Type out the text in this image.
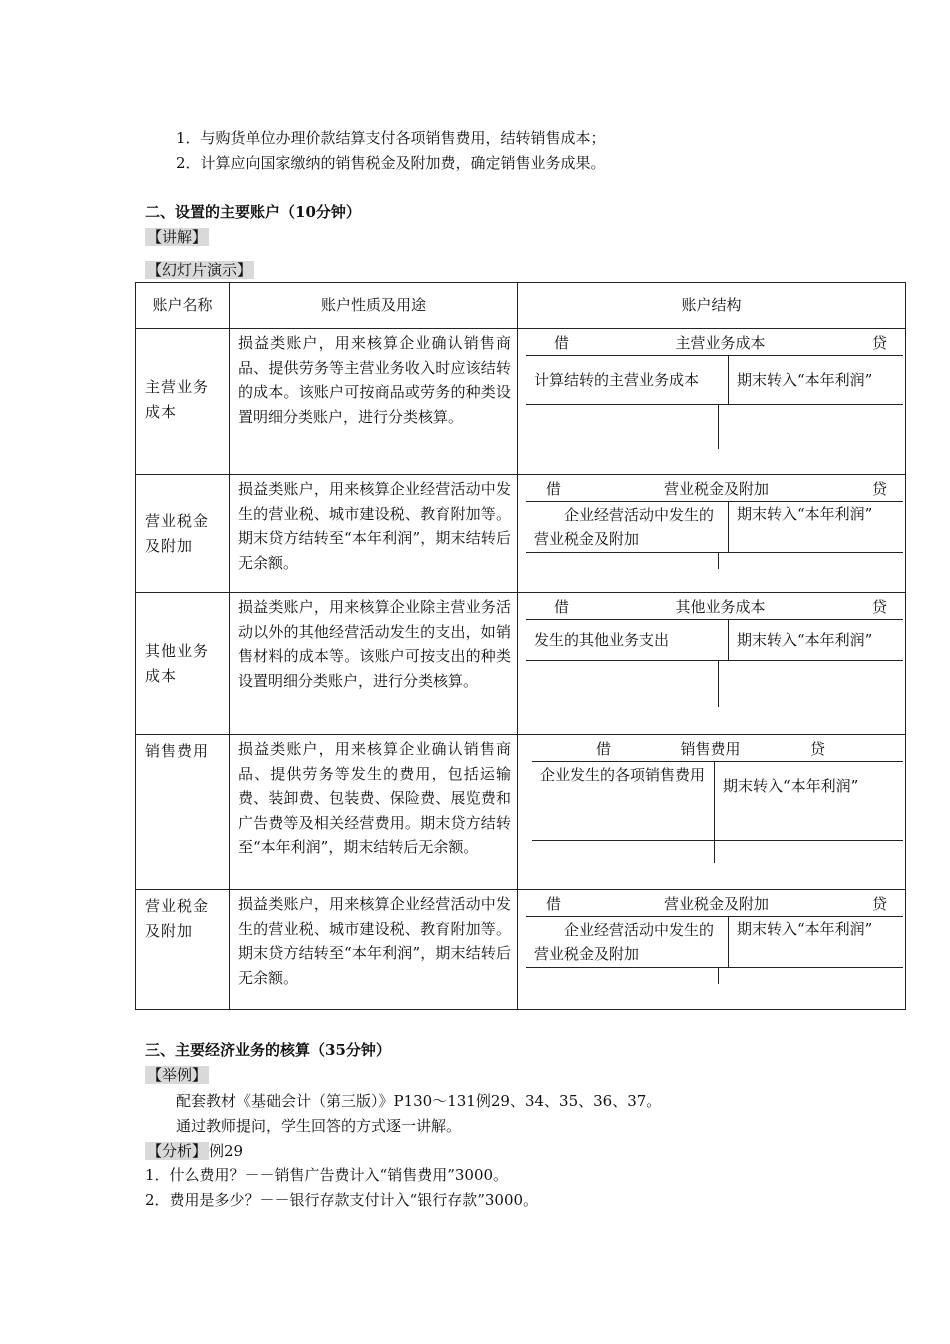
1．与购货单位办理价款结算支付各项销售费用，结转销售成本；
2．计算应向国家缴纳的销售税金及附加费，确定销售业务成果。
二、设置的主要账户（10分钟）
【讲解】
【幻灯片演示】
账户名称	账户性质及用途	账户结构
主营业务成本	损益类账户，用来核算企业确认销售商品、提供劳务等主营业务收入时应该结转的成本。该账户可按商品或劳务的种类设置明细分类账户，进行分类核算。	借 主营业务成本 贷
计算结转的主营业务成本 期末转入“本年利润”

营业税金及附加	损益类账户，用来核算企业经营活动中发生的营业税、城市建设税、教育附加等。期末贷方结转至“本年利润”，期末结转后无余额。	借 营业税金及附加 贷
企业经营活动中发生的营业税金及附加
期末转入“本年利润”

其他业务成本	损益类账户，用来核算企业除主营业务活动以外的其他经营活动发生的支出，如销售材料的成本等。该账户可按支出的种类设置明细分类账户，进行分类核算。	借 其他业务成本 贷
发生的其他业务支出 期末转入“本年利润”

销售费用	损益类账户，用来核算企业确认销售商品、提供劳务等发生的费用，包括运输费、装卸费、包装费、保险费、展览费和广告费等及相关经营费用。期末贷方结转至“本年利润”，期末结转后无余额。	借 销售费用 贷
企业发生的各项销售费用
期末转入“本年利润”

营业税金及附加	损益类账户，用来核算企业经营活动中发生的营业税、城市建设税、教育附加等。期末贷方结转至“本年利润”，期末结转后无余额。	借 营业税金及附加 贷
企业经营活动中发生的营业税金及附加
期末转入“本年利润”
三、主要经济业务的核算（35分钟）
【举例】
配套教材《基础会计（第三版）》P130～131例29、34、35、36、37。
通过教师提问，学生回答的方式逐一讲解。
【分析】 例29
1．什么费用？－－销售广告费计入“销售费用”3000。
2．费用是多少？－－银行存款支付计入“银行存款”3000。
